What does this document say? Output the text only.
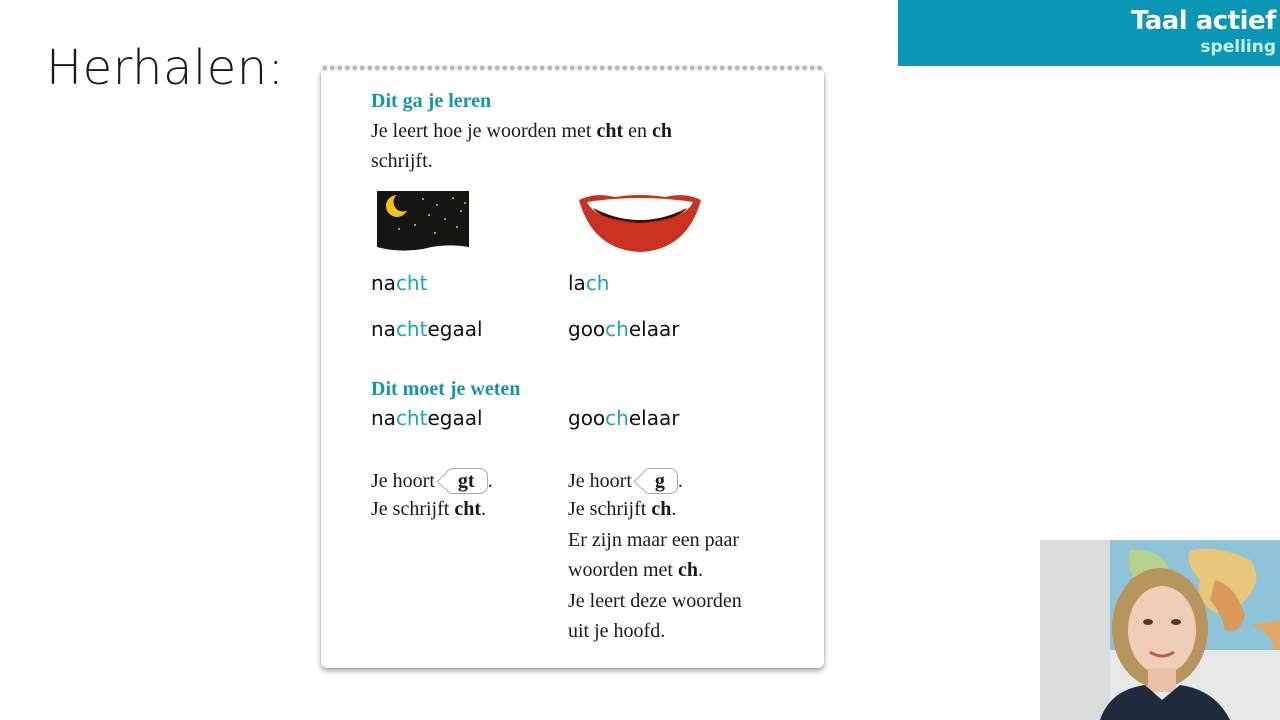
Herhalen:
Taal actief
spelling
Dit ga je leren
Je leert hoe je woorden met cht en ch
schrijft.
nacht	lach
nachtegaal	goochelaar
Dit moet je weten
nachtegaal	goochelaar
Je hoort gt .
Je schrijft cht.
Je hoort g .
Je schrijft ch.
Er zijn maar een paar
woorden met ch.
Je leert deze woorden
uit je hoofd.
